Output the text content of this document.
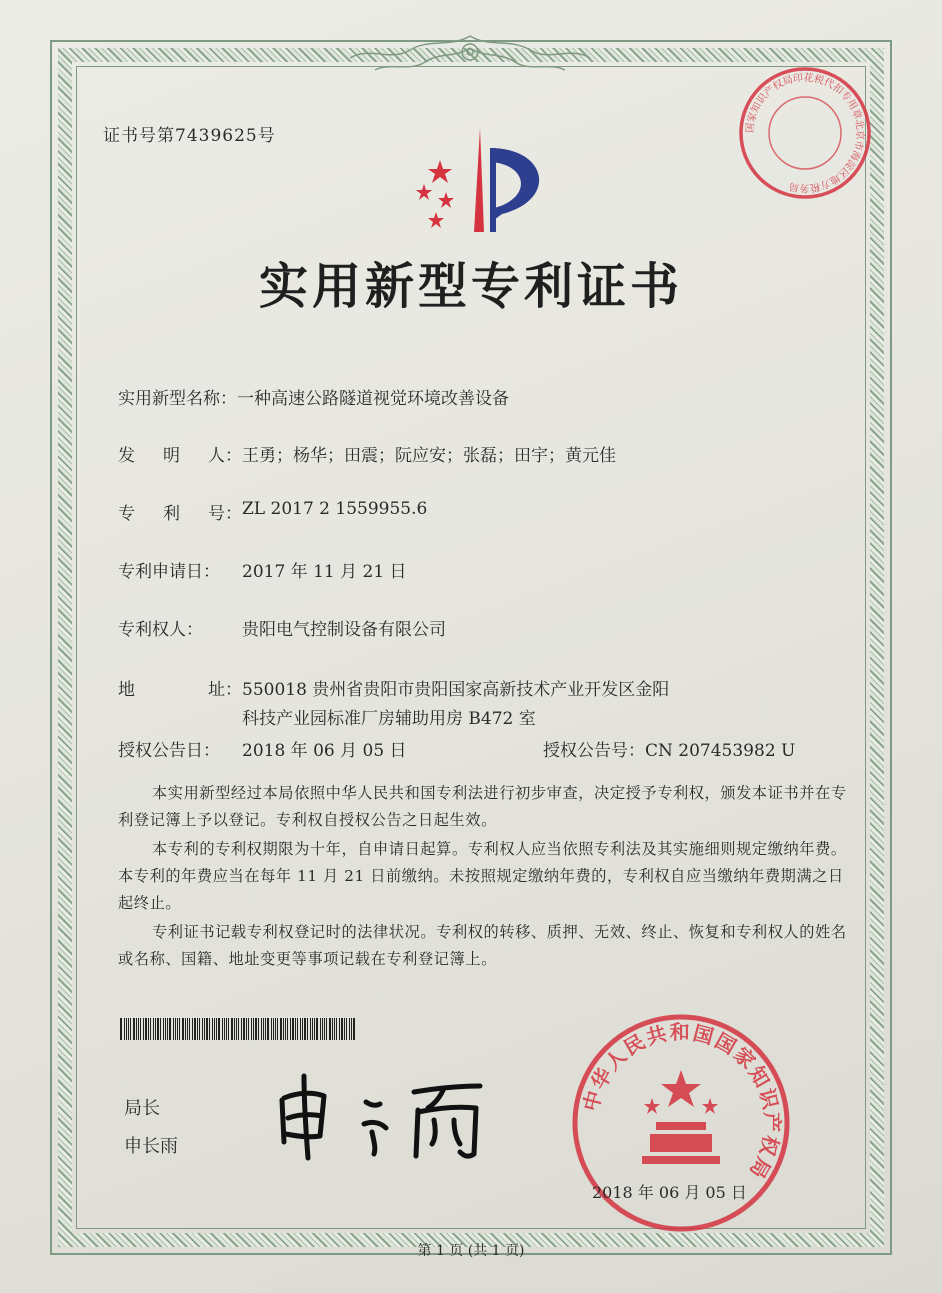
证书号第7439625号	国家知识产权局印花税代扣专用章北京市海淀区地方税务局
实用新型专利证书
实用新型名称： 一种高速公路隧道视觉环境改善设备
发 明 人： 王勇；杨华；田震；阮应安；张磊；田宇；黄元佳
专 利 号： ZL 2017 2 1559955.6
专利申请日：	2017 年 11 月 21 日
专利权人：	贵阳电气控制设备有限公司
地	址： 550018 贵州省贵阳市贵阳国家高新技术产业开发区金阳
科技产业园标准厂房辅助用房 B472 室
授权公告日：	2018 年 06 月 05 日	授权公告号：CN 207453982 U
本实用新型经过本局依照中华人民共和国专利法进行初步审查，决定授予专利权，颁发本证书并在专利登记簿上予以登记。专利权自授权公告之日起生效。
本专利的专利权期限为十年，自申请日起算。专利权人应当依照专利法及其实施细则规定缴纳年费。本专利的年费应当在每年 11 月 21 日前缴纳。未按照规定缴纳年费的，专利权自应当缴纳年费期满之日起终止。
专利证书记载专利权登记时的法律状况。专利权的转移、质押、无效、终止、恢复和专利权人的姓名或名称、国籍、地址变更等事项记载在专利登记簿上。
局长
申长雨
中华人民共和国国家知识产权局
2018 年 06 月 05 日
第 1 页 (共 1 页)
